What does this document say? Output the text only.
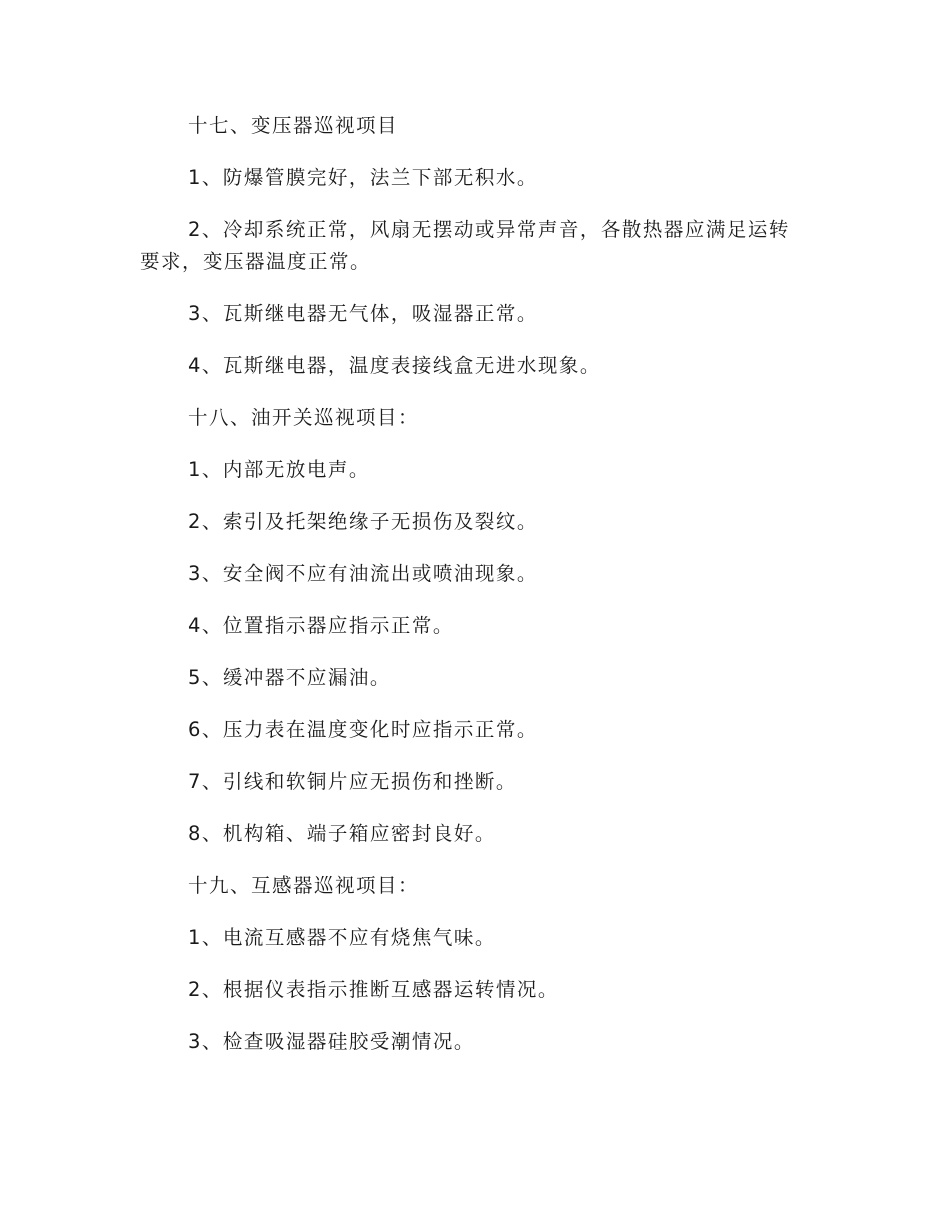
十七、变压器巡视项目

1、防爆管膜完好，法兰下部无积水。

2、冷却系统正常，风扇无摆动或异常声音，各散热器应满足运转要求，变压器温度正常。

3、瓦斯继电器无气体，吸湿器正常。

4、瓦斯继电器，温度表接线盒无进水现象。

十八、油开关巡视项目：

1、内部无放电声。

2、索引及托架绝缘子无损伤及裂纹。

3、安全阀不应有油流出或喷油现象。

4、位置指示器应指示正常。

5、缓冲器不应漏油。

6、压力表在温度变化时应指示正常。

7、引线和软铜片应无损伤和挫断。

8、机构箱、端子箱应密封良好。

十九、互感器巡视项目：

1、电流互感器不应有烧焦气味。

2、根据仪表指示推断互感器运转情况。

3、检查吸湿器硅胶受潮情况。
